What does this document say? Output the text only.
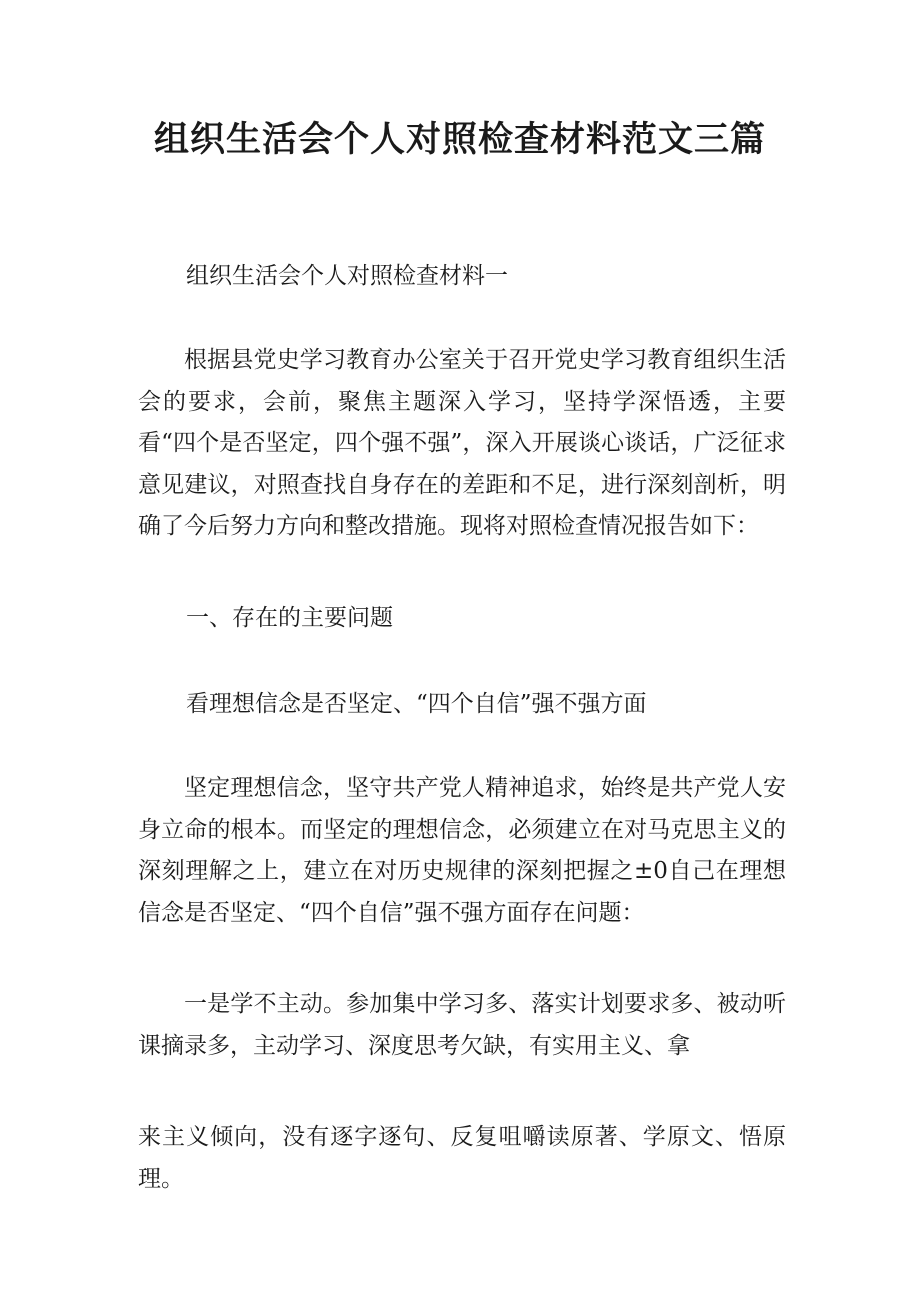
组织生活会个人对照检查材料范文三篇

组织生活会个人对照检查材料一

根据县党史学习教育办公室关于召开党史学习教育组织生活会的要求，会前，聚焦主题深入学习，坚持学深悟透，主要看“四个是否坚定，四个强不强”，深入开展谈心谈话，广泛征求意见建议，对照查找自身存在的差距和不足，进行深刻剖析，明确了今后努力方向和整改措施。现将对照检查情况报告如下：

一、存在的主要问题

看理想信念是否坚定、“四个自信”强不强方面

坚定理想信念，坚守共产党人精神追求，始终是共产党人安身立命的根本。而坚定的理想信念，必须建立在对马克思主义的深刻理解之上，建立在对历史规律的深刻把握之±0自己在理想信念是否坚定、“四个自信”强不强方面存在问题：

一是学不主动。参加集中学习多、落实计划要求多、被动听课摘录多，主动学习、深度思考欠缺，有实用主义、拿

来主义倾向，没有逐字逐句、反复咀嚼读原著、学原文、悟原理。
